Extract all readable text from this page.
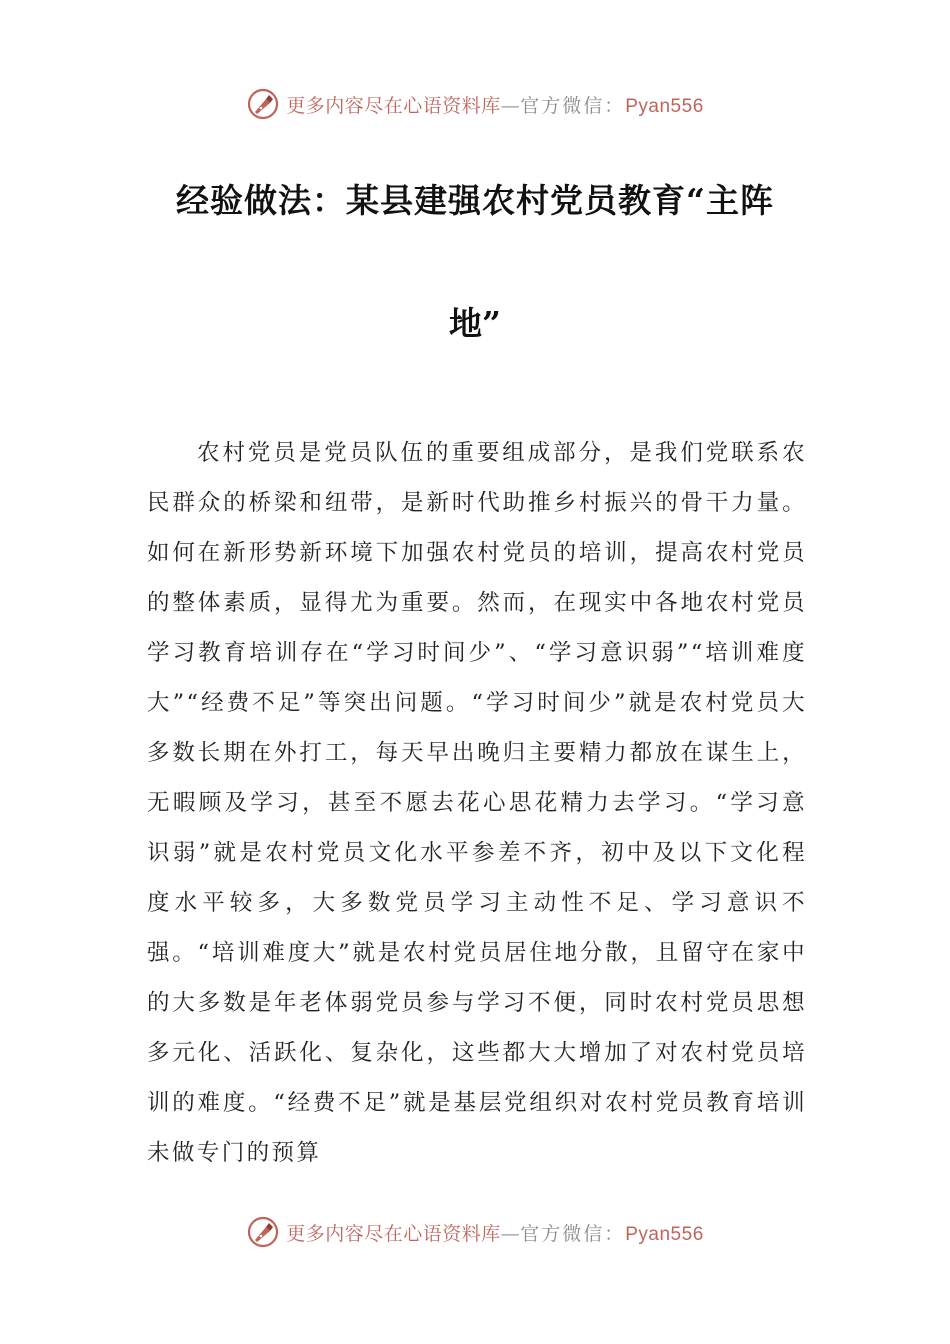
更多内容尽在心语资料库—官方微信：Pyan556
经验做法：某县建强农村党员教育“主阵
地”

农村党员是党员队伍的重要组成部分，是我们党联系农民群众的桥梁和纽带，是新时代助推乡村振兴的骨干力量。如何在新形势新环境下加强农村党员的培训，提高农村党员的整体素质，显得尤为重要。然而，在现实中各地农村党员学习教育培训存在“学习时间少”、“学习意识弱”“培训难度大”“经费不足”等突出问题。“学习时间少”就是农村党员大多数长期在外打工，每天早出晚归主要精力都放在谋生上，无暇顾及学习，甚至不愿去花心思花精力去学习。“学习意识弱”就是农村党员文化水平参差不齐，初中及以下文化程度水平较多，大多数党员学习主动性不足、学习意识不强。“培训难度大”就是农村党员居住地分散，且留守在家中的大多数是年老体弱党员参与学习不便，同时农村党员思想多元化、活跃化、复杂化，这些都大大增加了对农村党员培训的难度。“经费不足”就是基层党组织对农村党员教育培训未做专门的预算

更多内容尽在心语资料库—官方微信：Pyan556
